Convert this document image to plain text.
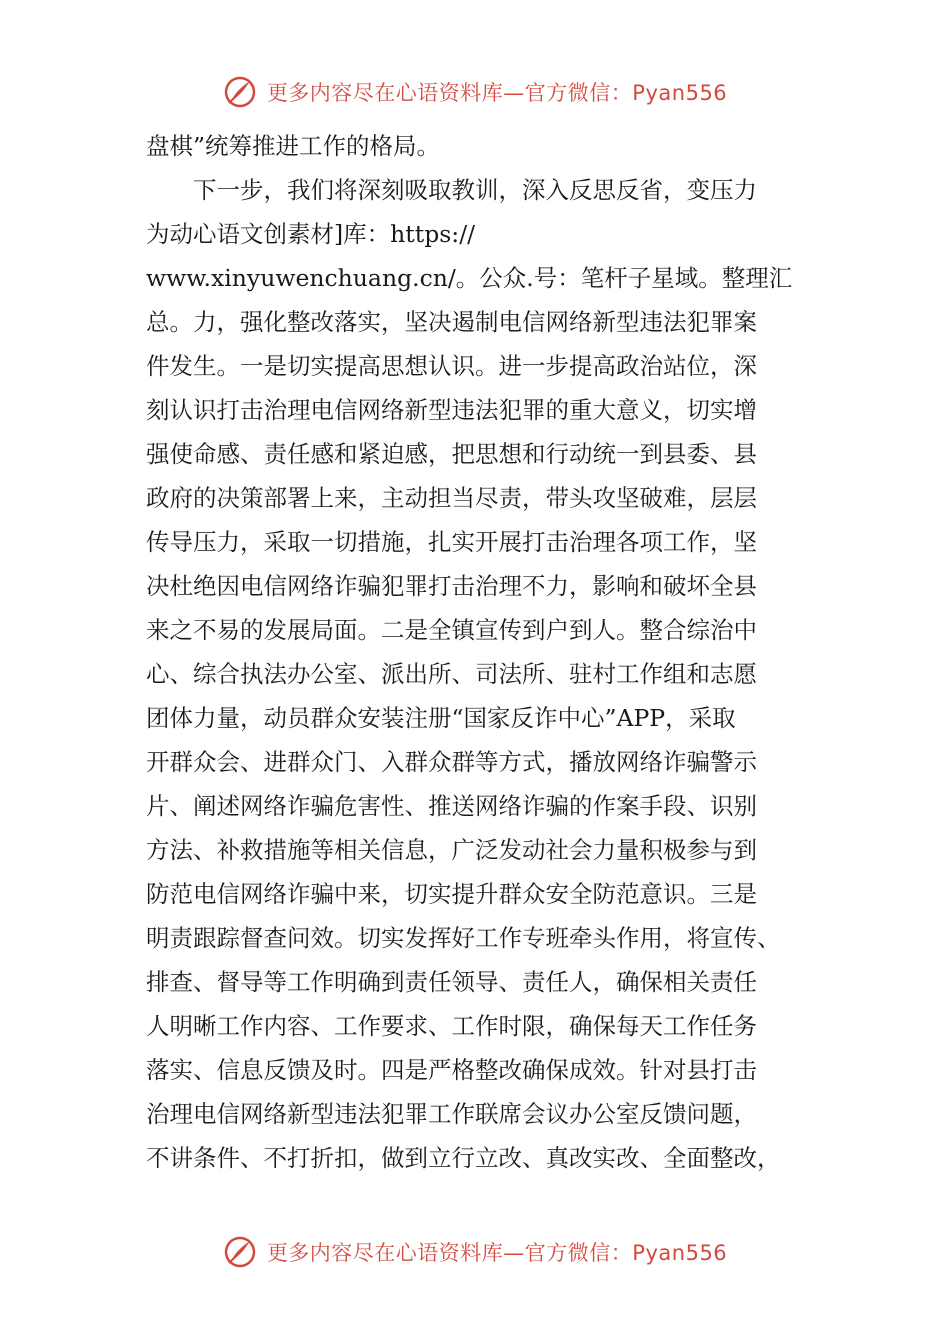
更多内容尽在心语资料库—官方微信：Pyan556
盘棋”统筹推进工作的格局。
　　下一步，我们将深刻吸取教训，深入反思反省，变压力
为动心语文创素材]库：https://
www.xinyuwenchuang.cn/。公众.号：笔杆子星域。整理汇
总。力，强化整改落实，坚决遏制电信网络新型违法犯罪案
件发生。一是切实提高思想认识。进一步提高政治站位，深
刻认识打击治理电信网络新型违法犯罪的重大意义，切实增
强使命感、责任感和紧迫感，把思想和行动统一到县委、县
政府的决策部署上来，主动担当尽责，带头攻坚破难，层层
传导压力，采取一切措施，扎实开展打击治理各项工作，坚
决杜绝因电信网络诈骗犯罪打击治理不力，影响和破坏全县
来之不易的发展局面。二是全镇宣传到户到人。整合综治中
心、综合执法办公室、派出所、司法所、驻村工作组和志愿
团体力量，动员群众安装注册“国家反诈中心”APP，采取
开群众会、进群众门、入群众群等方式，播放网络诈骗警示
片、阐述网络诈骗危害性、推送网络诈骗的作案手段、识别
方法、补救措施等相关信息，广泛发动社会力量积极参与到
防范电信网络诈骗中来，切实提升群众安全防范意识。三是
明责跟踪督查问效。切实发挥好工作专班牵头作用，将宣传、
排查、督导等工作明确到责任领导、责任人，确保相关责任
人明晰工作内容、工作要求、工作时限，确保每天工作任务
落实、信息反馈及时。四是严格整改确保成效。针对县打击
治理电信网络新型违法犯罪工作联席会议办公室反馈问题，
不讲条件、不打折扣，做到立行立改、真改实改、全面整改，
更多内容尽在心语资料库—官方微信：Pyan556
